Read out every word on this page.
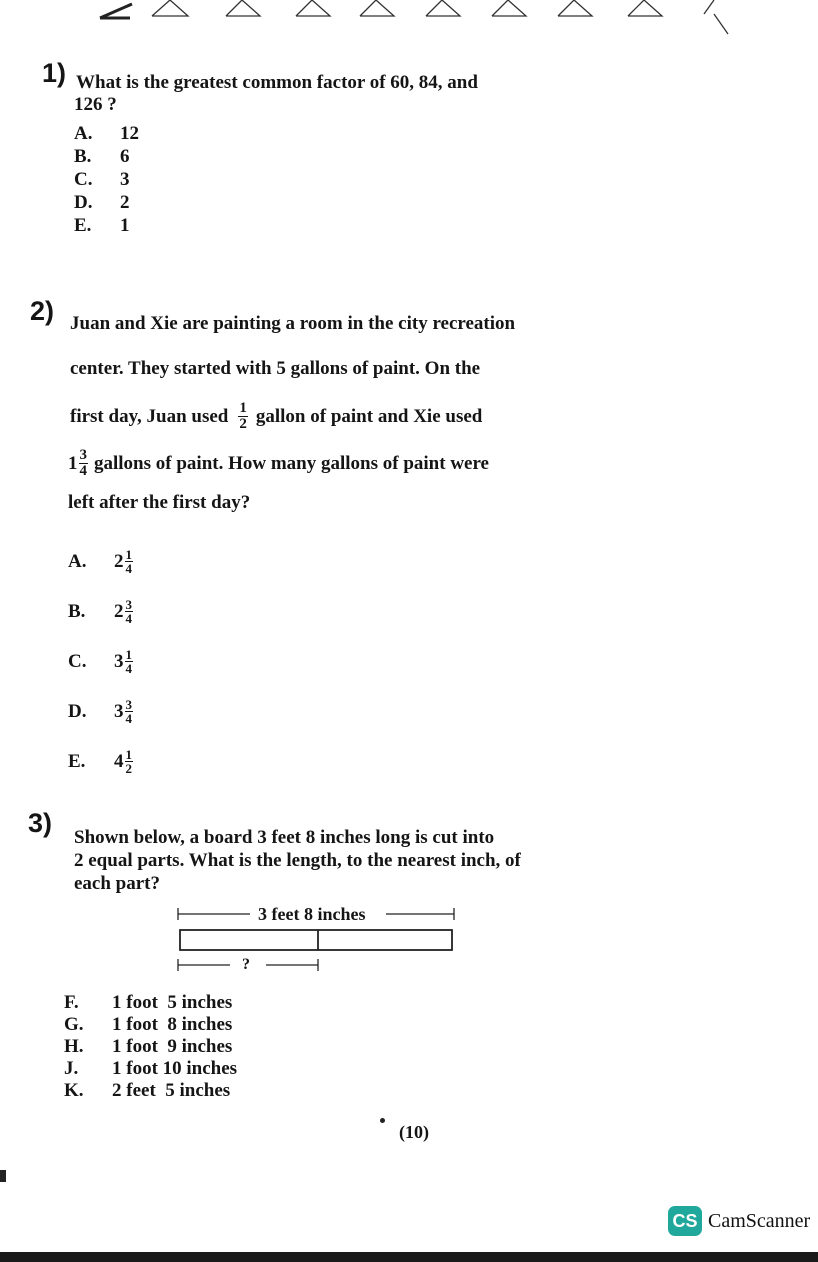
1) What is the greatest common factor of 60, 84, and
126 ?
A. 12
B. 6
C. 3
D. 2
E. 1
2) Juan and Xie are painting a room in the city recreation
center. They started with 5 gallons of paint. On the
first day, Juan used $\frac{1}{2}$ gallon of paint and Xie used
$1 \frac{3}{4}$ gallons of paint. How many gallons of paint were
left after the first day?
A.	$2 \frac{1}{4}$
B.	$2 \frac{3}{4}$
C.	$3 \frac{1}{4}$
D.	$3 \frac{3}{4}$
E.	$4 \frac{1}{2}$
3) Shown below, a board 3 feet 8 inches long is cut into
2 equal parts. What is the length, to the nearest inch, of
each part?
3 feet 8 inches
?
F. 1 foot  5 inches
G. 1 foot  8 inches
H. 1 foot  9 inches
J. 1 foot 10 inches
K. 2 feet  5 inches
(10)
CS CamScanner
